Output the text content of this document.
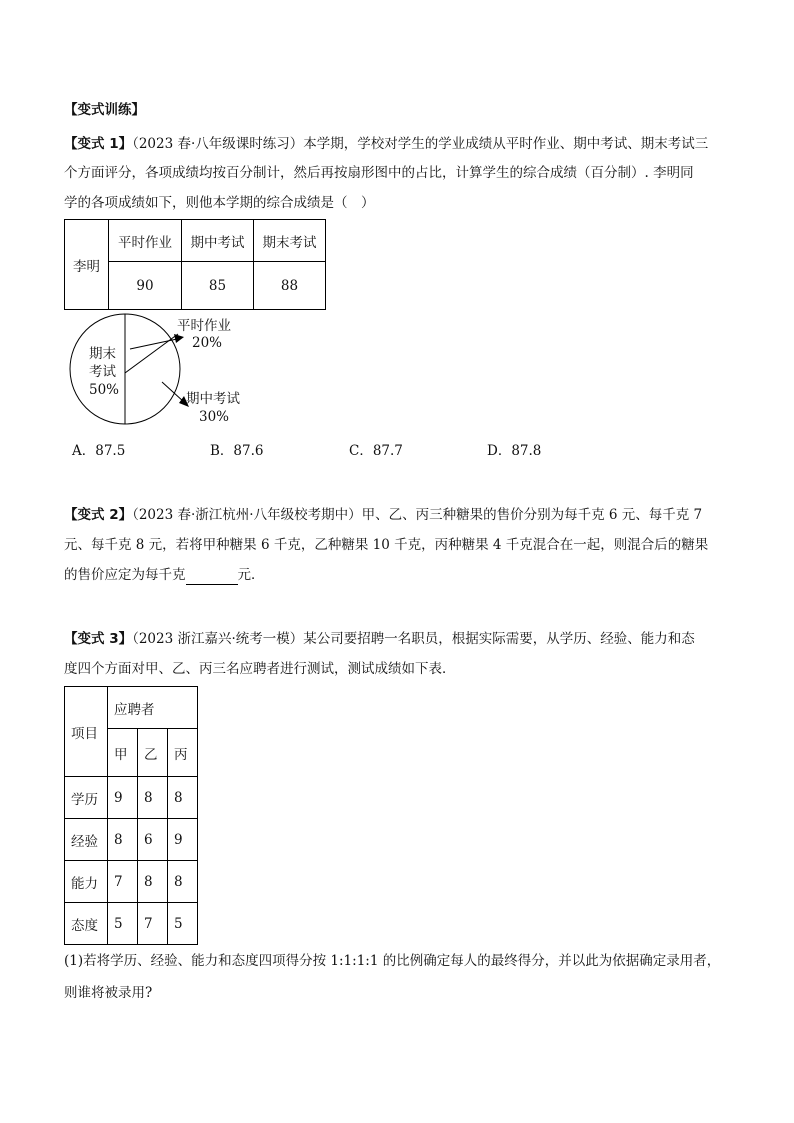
【变式训练】
【变式 1】（2023 春·八年级课时练习）本学期，学校对学生的学业成绩从平时作业、期中考试、期末考试三
个方面评分，各项成绩均按百分制计，然后再按扇形图中的占比，计算学生的综合成绩（百分制）. 李明同
学的各项成绩如下，则他本学期的综合成绩是（　）
李明	平时作业	期中考试	期末考试
	90	85	88
平时作业
20%
期末
考试
50%
期中考试
30%
A．87.5	B．87.6	C．87.7	D．87.8
【变式 2】（2023 春·浙江杭州·八年级校考期中）甲、乙、丙三种糖果的售价分别为每千克 6 元、每千克 7
元、每千克 8 元，若将甲种糖果 6 千克，乙种糖果 10 千克，丙种糖果 4 千克混合在一起，则混合后的糖果
的售价应定为每千克	元．
【变式 3】（2023 浙江嘉兴·统考一模）某公司要招聘一名职员，根据实际需要，从学历、经验、能力和态
度四个方面对甲、乙、丙三名应聘者进行测试，测试成绩如下表．
项目	应聘者		
	甲	乙	丙
学历	9	8	8
经验	8	6	9
能力	7	8	8
态度	5	7	5
(1)若将学历、经验、能力和态度四项得分按 1:1:1:1 的比例确定每人的最终得分，并以此为依据确定录用者，
则谁将被录用?
